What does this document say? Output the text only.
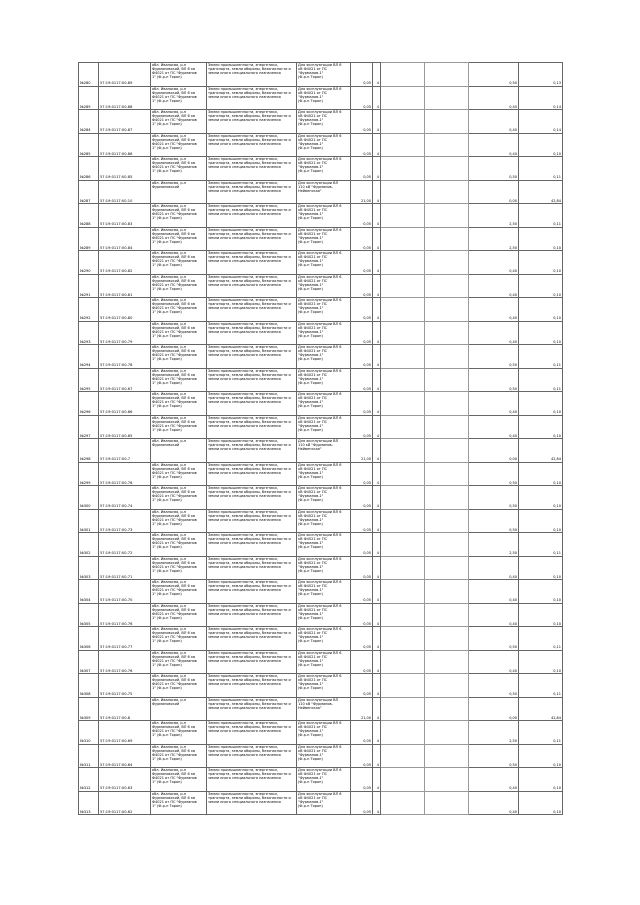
№280	57:19:0117:00-89	обл. Иваносва, р-н
Фурмановский, ВЛ 6 кв
Ф4021 от ПС "Фурманов
1" (Ф-р-н Тороп)	Земли промышленности, энергетики,
транспорта, земли обороны, безопасности и
земли иного специального назначения	Для эксплуатации ВЛ 6
кВ Ф4021 от ПС
"Фурманов-1"
(Ф-р-н Тороп)	0,05	4			0,50	0,13
№289	57:19:0117:00-68	обл. Иваносва, р-н
Фурмановский, ВЛ 6 кв
Ф4021 от ПС "Фурманов
1" (Ф-р-н Тороп)	Земли промышленности, энергетики,
транспорта, земли обороны, безопасности и
земли иного специального назначения	Для эксплуатации ВЛ 6
кВ Ф4021 от ПС
"Фурманов-1"
(Ф-р-н Тороп)	0,05	4			0,40	0,14
№284	57:19:0117:00-87	обл. Иваносва, р-н
Фурмановский, ВЛ 6 кв
Ф4021 от ПС "Фурманов
1" (Ф-р-н Тороп)	Земли промышленности, энергетики,
транспорта, земли обороны, безопасности и
земли иного специального назначения	Для эксплуатации ВЛ 6
кВ Ф4021 от ПС
"Фурманов-1"
(Ф-р-н Тороп)	0,05	4			0,40	0,14
№285	57:19:0117:00-86	обл. Иваносва, р-н
Фурмановский, ВЛ 6 кв
Ф4021 от ПС "Фурманов
1" (Ф-р-н Тороп)	Земли промышленности, энергетики,
транспорта, земли обороны, безопасности и
земли иного специального назначения	Для эксплуатации ВЛ 6
кВ Ф4021 от ПС
"Фурманов-1"
(Ф-р-н Тороп)	0,05	4			0,40	0,10
№286	57:19:0117:00-85	обл. Иваносва, р-н
Фурмановский, ВЛ 6 кв
Ф4021 от ПС "Фурманов
1" (Ф-р-н Тороп)	Земли промышленности, энергетики,
транспорта, земли обороны, безопасности и
земли иного специального назначения	Для эксплуатации ВЛ 6
кВ Ф4021 от ПС
"Фурманов-1"
(Ф-р-н Тороп)	0,05	4			0,50	0,11
№287	57:19:0117:00-10	обл. Иваносва, р-н
Фурмановский	Земли промышленности, энергетики,
транспорта, земли обороны, безопасности и
земли иного специального назначения	Для эксплуатации ВЛ
110 кВ "Фурманов-
Нейвенская"	21,00	4			0,00	42,84
№288	57:19:0117:00-83	обл. Иваносва, р-н
Фурмановский, ВЛ 6 кв
Ф4021 от ПС "Фурманов
1" (Ф-р-н Тороп)	Земли промышленности, энергетики,
транспорта, земли обороны, безопасности и
земли иного специального назначения	Для эксплуатации ВЛ 6
кВ Ф4021 от ПС
"Фурманов-1"
(Ф-р-н Тороп)	0,05	4			2,50	0,11
№289	57:19:0117:00-84	обл. Иваносва, р-н
Фурмановский, ВЛ 6 кв
Ф4021 от ПС "Фурманов
1" (Ф-р-н Тороп)	Земли промышленности, энергетики,
транспорта, земли обороны, безопасности и
земли иного специального назначения	Для эксплуатации ВЛ 6
кВ Ф4021 от ПС
"Фурманов-1"
(Ф-р-н Тороп)	0,05	4			2,50	0,10
№290	57:19:0117:00-82	обл. Иваносва, р-н
Фурмановский, ВЛ 6 кв
Ф4021 от ПС "Фурманов
1" (Ф-р-н Тороп)	Земли промышленности, энергетики,
транспорта, земли обороны, безопасности и
земли иного специального назначения	Для эксплуатации ВЛ 6
кВ Ф4021 от ПС
"Фурманов-1"
(Ф-р-н Тороп)	0,05	4			0,40	0,10
№291	57:19:0117:00-81	обл. Иваносва, р-н
Фурмановский, ВЛ 6 кв
Ф4021 от ПС "Фурманов
1" (Ф-р-н Тороп)	Земли промышленности, энергетики,
транспорта, земли обороны, безопасности и
земли иного специального назначения	Для эксплуатации ВЛ 6
кВ Ф4021 от ПС
"Фурманов-1"
(Ф-р-н Тороп)	0,05	4			0,40	0,10
№292	57:19:0117:00-80	обл. Иваносва, р-н
Фурмановский, ВЛ 6 кв
Ф4021 от ПС "Фурманов
1" (Ф-р-н Тороп)	Земли промышленности, энергетики,
транспорта, земли обороны, безопасности и
земли иного специального назначения	Для эксплуатации ВЛ 6
кВ Ф4021 от ПС
"Фурманов-1"
(Ф-р-н Тороп)	0,05	4			0,40	0,10
№293	57:19:0117:00-79	обл. Иваносва, р-н
Фурмановский, ВЛ 6 кв
Ф4021 от ПС "Фурманов
1" (Ф-р-н Тороп)	Земли промышленности, энергетики,
транспорта, земли обороны, безопасности и
земли иного специального назначения	Для эксплуатации ВЛ 6
кВ Ф4021 от ПС
"Фурманов-1"
(Ф-р-н Тороп)	0,05	4			0,40	0,10
№294	57:19:0117:00-78	обл. Иваносва, р-н
Фурмановский, ВЛ 6 кв
Ф4021 от ПС "Фурманов
1" (Ф-р-н Тороп)	Земли промышленности, энергетики,
транспорта, земли обороны, безопасности и
земли иного специального назначения	Для эксплуатации ВЛ 6
кВ Ф4021 от ПС
"Фурманов-1"
(Ф-р-н Тороп)	0,05	4			0,50	0,11
№295	57:19:0117:00-67	обл. Иваносва, р-н
Фурмановский, ВЛ 6 кв
Ф4021 от ПС "Фурманов
1" (Ф-р-н Тороп)	Земли промышленности, энергетики,
транспорта, земли обороны, безопасности и
земли иного специального назначения	Для эксплуатации ВЛ 6
кВ Ф4021 от ПС
"Фурманов-1"
(Ф-р-н Тороп)	0,05	4			0,50	0,11
№296	57:19:0117:00-66	обл. Иваносва, р-н
Фурмановский, ВЛ 6 кв
Ф4021 от ПС "Фурманов
1" (Ф-р-н Тороп)	Земли промышленности, энергетики,
транспорта, земли обороны, безопасности и
земли иного специального назначения	Для эксплуатации ВЛ 6
кВ Ф4021 от ПС
"Фурманов-1"
(Ф-р-н Тороп)	0,05	4			0,40	0,10
№297	57:19:0117:00-65	обл. Иваносва, р-н
Фурмановский, ВЛ 6 кв
Ф4021 от ПС "Фурманов
1" (Ф-р-н Тороп)	Земли промышленности, энергетики,
транспорта, земли обороны, безопасности и
земли иного специального назначения	Для эксплуатации ВЛ 6
кВ Ф4021 от ПС
"Фурманов-1"
(Ф-р-н Тороп)	0,05	4			0,40	0,10
№298	57:19:0117:00-7	обл. Иваносва, р-н
Фурмановский	Земли промышленности, энергетики,
транспорта, земли обороны, безопасности и
земли иного специального назначения	Для эксплуатации ВЛ
110 кВ "Фурманов-
Нейвенская"	21,00	4			0,00	42,84
№299	57:19:0117:00-76	обл. Иваносва, р-н
Фурмановский, ВЛ 6 кв
Ф4021 от ПС "Фурманов
1" (Ф-р-н Тороп)	Земли промышленности, энергетики,
транспорта, земли обороны, безопасности и
земли иного специального назначения	Для эксплуатации ВЛ 6
кВ Ф4021 от ПС
"Фурманов-1"
(Ф-р-н Тороп)	0,05	4			0,50	0,10
№300	57:19:0117:00-74	обл. Иваносва, р-н
Фурмановский, ВЛ 6 кв
Ф4021 от ПС "Фурманов
1" (Ф-р-н Тороп)	Земли промышленности, энергетики,
транспорта, земли обороны, безопасности и
земли иного специального назначения	Для эксплуатации ВЛ 6
кВ Ф4021 от ПС
"Фурманов-1"
(Ф-р-н Тороп)	0,05	4			0,50	0,10
№301	57:19:0117:00-73	обл. Иваносва, р-н
Фурмановский, ВЛ 6 кв
Ф4021 от ПС "Фурманов
1" (Ф-р-н Тороп)	Земли промышленности, энергетики,
транспорта, земли обороны, безопасности и
земли иного специального назначения	Для эксплуатации ВЛ 6
кВ Ф4021 от ПС
"Фурманов-1"
(Ф-р-н Тороп)	0,05	4			0,50	0,10
№302	57:19:0117:00-72	обл. Иваносва, р-н
Фурмановский, ВЛ 6 кв
Ф4021 от ПС "Фурманов
1" (Ф-р-н Тороп)	Земли промышленности, энергетики,
транспорта, земли обороны, безопасности и
земли иного специального назначения	Для эксплуатации ВЛ 6
кВ Ф4021 от ПС
"Фурманов-1"
(Ф-р-н Тороп)	0,05	4			2,50	0,11
№303	57:19:0117:00-71	обл. Иваносва, р-н
Фурмановский, ВЛ 6 кв
Ф4021 от ПС "Фурманов
1" (Ф-р-н Тороп)	Земли промышленности, энергетики,
транспорта, земли обороны, безопасности и
земли иного специального назначения	Для эксплуатации ВЛ 6
кВ Ф4021 от ПС
"Фурманов-1"
(Ф-р-н Тороп)	0,05	4			0,40	0,10
№304	57:19:0117:00-70	обл. Иваносва, р-н
Фурмановский, ВЛ 6 кв
Ф4021 от ПС "Фурманов
1" (Ф-р-н Тороп)	Земли промышленности, энергетики,
транспорта, земли обороны, безопасности и
земли иного специального назначения	Для эксплуатации ВЛ 6
кВ Ф4021 от ПС
"Фурманов-1"
(Ф-р-н Тороп)	0,05	4			0,40	0,10
№305	57:19:0117:00-76	обл. Иваносва, р-н
Фурмановский, ВЛ 6 кв
Ф4021 от ПС "Фурманов
1" (Ф-р-н Тороп)	Земли промышленности, энергетики,
транспорта, земли обороны, безопасности и
земли иного специального назначения	Для эксплуатации ВЛ 6
кВ Ф4021 от ПС
"Фурманов-1"
(Ф-р-н Тороп)	0,05	4			0,40	0,10
№306	57:19:0117:00-77	обл. Иваносва, р-н
Фурмановский, ВЛ 6 кв
Ф4021 от ПС "Фурманов
1" (Ф-р-н Тороп)	Земли промышленности, энергетики,
транспорта, земли обороны, безопасности и
земли иного специального назначения	Для эксплуатации ВЛ 6
кВ Ф4021 от ПС
"Фурманов-1"
(Ф-р-н Тороп)	0,05	4			0,50	0,11
№307	57:19:0117:00-76	обл. Иваносва, р-н
Фурмановский, ВЛ 6 кв
Ф4021 от ПС "Фурманов
1" (Ф-р-н Тороп)	Земли промышленности, энергетики,
транспорта, земли обороны, безопасности и
земли иного специального назначения	Для эксплуатации ВЛ 6
кВ Ф4021 от ПС
"Фурманов-1"
(Ф-р-н Тороп)	0,05	4			0,40	0,10
№308	57:19:0117:00-75	обл. Иваносва, р-н
Фурмановский, ВЛ 6 кв
Ф4021 от ПС "Фурманов
1" (Ф-р-н Тороп)	Земли промышленности, энергетики,
транспорта, земли обороны, безопасности и
земли иного специального назначения	Для эксплуатации ВЛ 6
кВ Ф4021 от ПС
"Фурманов-1"
(Ф-р-н Тороп)	0,05	4			0,50	0,11
№309	57:19:0117:00-8	обл. Иваносва, р-н
Фурмановский	Земли промышленности, энергетики,
транспорта, земли обороны, безопасности и
земли иного специального назначения	Для эксплуатации ВЛ
110 кВ "Фурманов-
Нейвенская"	21,00	4			0,00	42,84
№310	57:19:0117:00-69	обл. Иваносва, р-н
Фурмановский, ВЛ 6 кв
Ф4021 от ПС "Фурманов
1" (Ф-р-н Тороп)	Земли промышленности, энергетики,
транспорта, земли обороны, безопасности и
земли иного специального назначения	Для эксплуатации ВЛ 6
кВ Ф4021 от ПС
"Фурманов-1"
(Ф-р-н Тороп)	0,05	4			2,50	0,11
№311	57:19:0117:00-64	обл. Иваносва, р-н
Фурмановский, ВЛ 6 кв
Ф4021 от ПС "Фурманов
1" (Ф-р-н Тороп)	Земли промышленности, энергетики,
транспорта, земли обороны, безопасности и
земли иного специального назначения	Для эксплуатации ВЛ 6
кВ Ф4021 от ПС
"Фурманов-1"
(Ф-р-н Тороп)	0,05	4			0,50	0,10
№312	57:19:0117:00-63	обл. Иваносва, р-н
Фурмановский, ВЛ 6 кв
Ф4021 от ПС "Фурманов
1" (Ф-р-н Тороп)	Земли промышленности, энергетики,
транспорта, земли обороны, безопасности и
земли иного специального назначения	Для эксплуатации ВЛ 6
кВ Ф4021 от ПС
"Фурманов-1"
(Ф-р-н Тороп)	0,05	4			0,40	0,10
№313	57:19:0117:00-62	обл. Иваносва, р-н
Фурмановский, ВЛ 6 кв
Ф4021 от ПС "Фурманов
1" (Ф-р-н Тороп)	Земли промышленности, энергетики,
транспорта, земли обороны, безопасности и
земли иного специального назначения	Для эксплуатации ВЛ 6
кВ Ф4021 от ПС
"Фурманов-1"
(Ф-р-н Тороп)	0,05	4			0,40	0,10
